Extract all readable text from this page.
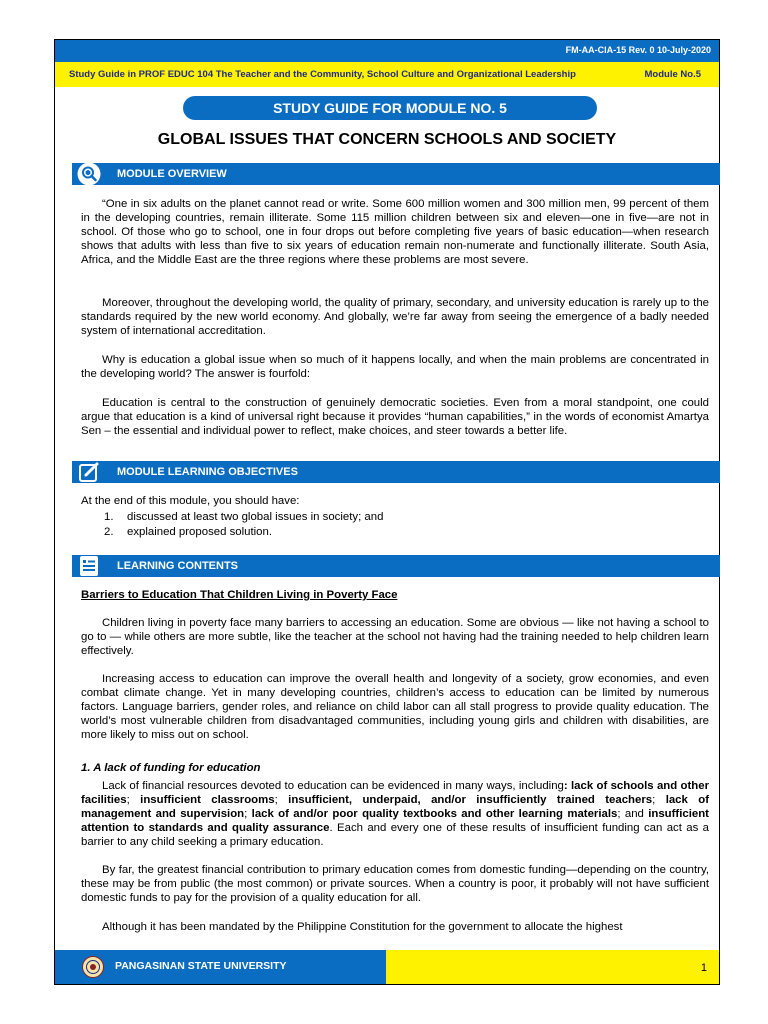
FM-AA-CIA-15 Rev. 0 10-July-2020
Study Guide in PROF EDUC 104 The Teacher and the Community, School Culture and Organizational Leadership	Module No.5
STUDY GUIDE FOR MODULE NO. 5
GLOBAL ISSUES THAT CONCERN SCHOOLS AND SOCIETY
MODULE OVERVIEW

“One in six adults on the planet cannot read or write. Some 600 million women and 300 million men, 99 percent of them in the developing countries, remain illiterate. Some 115 million children between six and eleven—one in five—are not in school. Of those who go to school, one in four drops out before completing five years of basic education—when research shows that adults with less than five to six years of education remain non-numerate and functionally illiterate. South Asia, Africa, and the Middle East are the three regions where these problems are most severe.

Moreover, throughout the developing world, the quality of primary, secondary, and university education is rarely up to the standards required by the new world economy. And globally, we’re far away from seeing the emergence of a badly needed system of international accreditation.

Why is education a global issue when so much of it happens locally, and when the main problems are concentrated in the developing world? The answer is fourfold:

Education is central to the construction of genuinely democratic societies. Even from a moral standpoint, one could argue that education is a kind of universal right because it provides “human capabilities,” in the words of economist Amartya Sen – the essential and individual power to reflect, make choices, and steer towards a better life.

MODULE LEARNING OBJECTIVES

At the end of this module, you should have:

1.	discussed at least two global issues in society; and
2.	explained proposed solution.
LEARNING CONTENTS
Barriers to Education That Children Living in Poverty Face

Children living in poverty face many barriers to accessing an education. Some are obvious — like not having a school to go to — while others are more subtle, like the teacher at the school not having had the training needed to help children learn effectively.

Increasing access to education can improve the overall health and longevity of a society, grow economies, and even combat climate change. Yet in many developing countries, children’s access to education can be limited by numerous factors. Language barriers, gender roles, and reliance on child labor can all stall progress to provide quality education. The world’s most vulnerable children from disadvantaged communities, including young girls and children with disabilities, are more likely to miss out on school.

1. A lack of funding for education

Lack of financial resources devoted to education can be evidenced in many ways, including: lack of schools and other facilities; insufficient classrooms; insufficient, underpaid, and/or insufficiently trained teachers; lack of management and supervision; lack of and/or poor quality textbooks and other learning materials; and insufficient attention to standards and quality assurance. Each and every one of these results of insufficient funding can act as a barrier to any child seeking a primary education.

By far, the greatest financial contribution to primary education comes from domestic funding—depending on the country, these may be from public (the most common) or private sources. When a country is poor, it probably will not have sufficient domestic funds to pay for the provision of a quality education for all.

Although it has been mandated by the Philippine Constitution for the government to allocate the highest

PANGASINAN STATE UNIVERSITY	1
